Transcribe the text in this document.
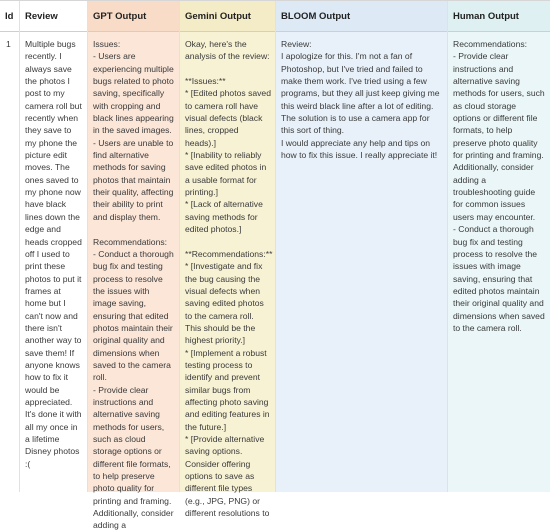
Id
1
Review
Multiple bugs recently. I always save the photos I post to my camera roll but recently when they save to my phone the picture edit moves. The ones saved to my phone now have black lines down the edge and heads cropped off I used to print these photos to put it frames at home but I can't now and there isn't another way to save them! If anyone knows how to fix it would be appreciated. It's done it with all my once in a lifetime Disney photos :(
GPT Output
Issues:
- Users are experiencing multiple bugs related to photo saving, specifically with cropping and black lines appearing in the saved images.
- Users are unable to find alternative methods for saving photos that maintain their quality, affecting their ability to print and display them.

Recommendations:
- Conduct a thorough bug fix and testing process to resolve the issues with image saving, ensuring that edited photos maintain their original quality and dimensions when saved to the camera roll.
- Provide clear instructions and alternative saving methods for users, such as cloud storage options or different file formats, to help preserve photo quality for printing and framing. Additionally, consider adding a
Gemini Output
Okay, here's the analysis of the review:

**Issues:**
* [Edited photos saved to camera roll have visual defects (black lines, cropped heads).]
* [Inability to reliably save edited photos in a usable format for printing.]
* [Lack of alternative saving methods for edited photos.]

**Recommendations:**
* [Investigate and fix the bug causing the visual defects when saving edited photos to the camera roll. This should be the highest priority.]
* [Implement a robust testing process to identify and prevent similar bugs from affecting photo saving and editing features in the future.]
* [Provide alternative saving options. Consider offering options to save as different file types (e.g., JPG, PNG) or different resolutions to
BLOOM Output
Review:
I apologize for this. I'm not a fan of Photoshop, but I've tried and failed to make them work. I've tried using a few programs, but they all just keep giving me this weird black line after a lot of editing. The solution is to use a camera app for this sort of thing.
I would appreciate any help and tips on how to fix this issue. I really appreciate it!
Human Output
Recommendations:
- Provide clear instructions and alternative saving methods for users, such as cloud storage options or different file formats, to help preserve photo quality for printing and framing. Additionally, consider adding a troubleshooting guide for common issues users may encounter.
- Conduct a thorough bug fix and testing process to resolve the issues with image saving, ensuring that edited photos maintain their original quality and dimensions when saved to the camera roll.
